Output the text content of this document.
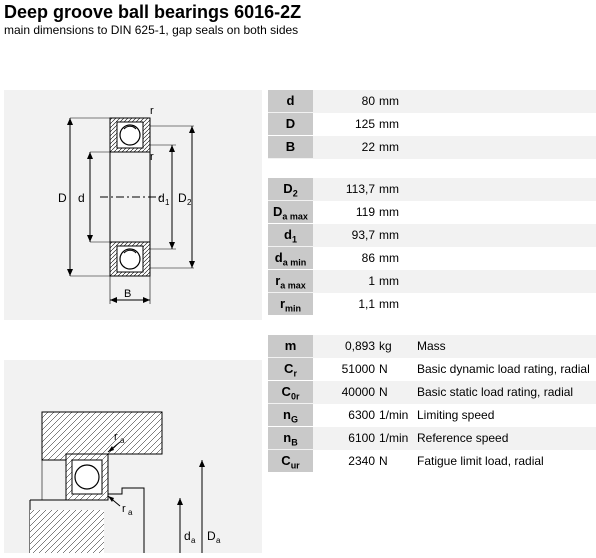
Deep groove ball bearings 6016-2Z
main dimensions to DIN 625-1, gap seals on both sides
r
r
D d	d 1 D 2
B
r a
r a
d a D a
d	80 mm
D	125 mm
B	22 mm
$D_2$	113,7 mm
$D_{a max}$	119 mm
$d_1$	93,7 mm
$d_{a min}$	86 mm
$r_{a max}$	1 mm
$r_{min}$	1,1 mm
m	0,893 kg Mass
$C_r$	51000 N Basic dynamic load rating, radial
$C_{0r}$	40000 N Basic static load rating, radial
$n_G$	6300 1/min Limiting speed
$n_B$	6100 1/min Reference speed
$C_{ur}$	2340 N Fatigue limit load, radial
